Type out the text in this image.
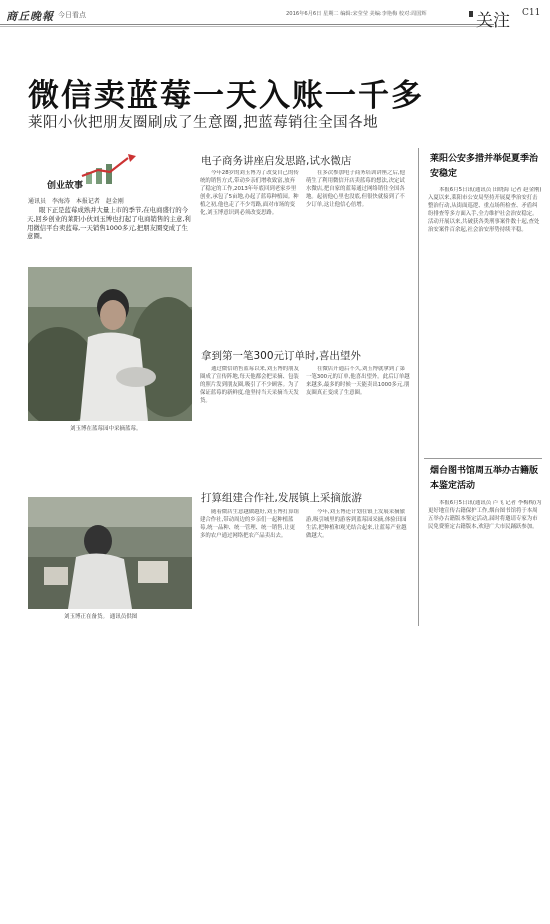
商丘晚報 今日看点	2016年6月6日 星期二 编辑:宋莹莹 美编:李艳梅 校对:周国辉	关注 C11
微信卖蓝莓一天入账一千多
莱阳小伙把朋友圈刷成了生意圈,把蓝莓销往全国各地
创业故事
通讯员 李海涛 本报记者 赵金刚
眼下正是蓝莓成熟并大量上市的季节,在电商盛行的今天,回乡创业的莱阳小伙刘玉博也打起了电商销售的主意,利用微信平台卖蓝莓,一天销售1000多元,把朋友圈变成了生意圈。
刘玉博在蓝莓园中采摘蓝莓。
刘玉博正在备货。 通讯员供图
电子商务讲座启发思路,试水微店
今年28岁的刘玉博为了改变自己的传统的销售方式,带动乡亲们增收致富,放弃了稳定的工作,2013年年底回到老家乡里创业,承包了5亩地,办起了蓝莓种植园。种植之初,他也走了不少弯路,面对市场的变化,刘玉博意识到必须改变思路。
在多次参加电子商务培训讲座之后,他萌生了利用微信开店卖蓝莓的想法,决定试水微店,把自家的蓝莓通过网络销往全国各地。起初他心里也没底,但很快就接到了不少订单,这让他信心倍增。
拿到第一笔300元订单时,喜出望外
通过微信销售蓝莓以来,刘玉博的朋友圈成了宣传阵地,每天他都会把采摘、包装的照片发到朋友圈,吸引了不少顾客。为了保证蓝莓的新鲜度,他坚持当天采摘当天发货。
在微店开通后不久,刘玉博就拿到了第一笔300元的订单,他喜出望外。此后订单越来越多,最多的时候一天能卖出1000多元,朋友圈真正变成了生意圈。
打算组建合作社,发展镇上采摘旅游
随着微店生意越做越好,刘玉博打算组建合作社,带动周边的乡亲们一起种植蓝莓,统一品种、统一管理、统一销售,让更多的农户通过网络把农产品卖出去。
今年,刘玉博还计划在镇上发展采摘旅游,吸引城里的游客到蓝莓园采摘,体验田园生活,把种植和观光结合起来,让蓝莓产业越做越大。
莱阳公安多措并举促夏季治安稳定
本报6月5日讯(通讯员 田晓海 记者 赵金刚)入夏以来,莱阳市公安局坚持开展夏季治安打击整治行动,从街面巡逻、重点场所检查、矛盾纠纷排查等多方面入手,全力维护社会治安稳定。活动开展以来,共破获各类刑事案件数十起,查处治安案件百余起,社会治安形势持续平稳。
烟台图书馆周五举办古籍版本鉴定活动
本报6月5日讯(通讯员 卢飞 记者 李梅梅)为更好地宣传古籍保护工作,烟台图书馆将于本周五举办古籍版本鉴定活动,届时将邀请专家为市民免费鉴定古籍版本,欢迎广大市民踊跃参加。
